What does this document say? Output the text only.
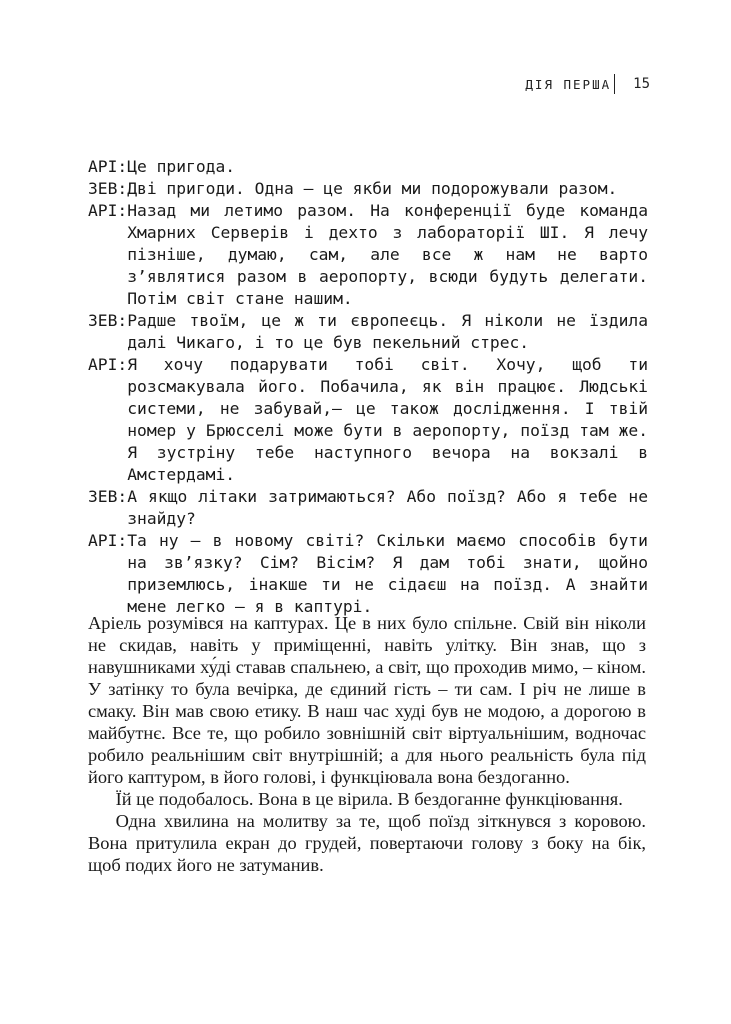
ДІЯ ПЕРША 15
АРІ: Це пригода.
ЗЕВ: Дві пригоди. Одна — це якби ми подорожували разом.
АРІ: Назад ми летимо разом. На конференції буде команда Хмарних Серверів і дехто з лабораторії ШІ. Я лечу пізніше, думаю, сам, але все ж нам не варто з’являтися разом в аеропорту, всюди будуть делегати. Потім світ стане нашим.
ЗЕВ: Радше твоїм, це ж ти європеєць. Я ніколи не їздила далі Чикаго, і то це був пекельний стрес.
АРІ: Я хочу подарувати тобі світ. Хочу, щоб ти розсмакувала його. Побачила, як він працює. Людські системи, не забувай,— це також дослідження. І твій номер у Брюсселі може бути в аеропорту, поїзд там же. Я зустріну тебе наступного вечора на вокзалі в Амстердамі.
ЗЕВ: А якщо літаки затримаються? Або поїзд? Або я тебе не знайду?
АРІ: Та ну — в новому світі? Скільки маємо способів бути на зв’язку? Сім? Вісім? Я дам тобі знати, щойно приземлюсь, інакше ти не сідаєш на поїзд. А знайти мене легко — я в каптурі.

Аріель розумівся на каптурах. Це в них було спільне. Свій він ніколи не скидав, навіть у приміщенні, навіть улітку. Він знав, що з навушниками ху́ді ставав спальнею, а світ, що проходив мимо, – кіном. У затінку то була вечірка, де єдиний гість – ти сам. І річ не лише в смаку. Він мав свою етику. В наш час худі був не модою, а дорогою в майбутнє. Все те, що робило зовнішній світ віртуальнішим, водночас робило реальнішим світ внутрішній; а для нього реальність була під його каптуром, в його голові, і функціювала вона бездоганно.

Їй це подобалось. Вона в це вірила. В бездоганне функціювання.

Одна хвилина на молитву за те, щоб поїзд зіткнувся з коровою. Вона притулила екран до грудей, повертаючи голову з боку на бік, щоб подих його не затуманив.
